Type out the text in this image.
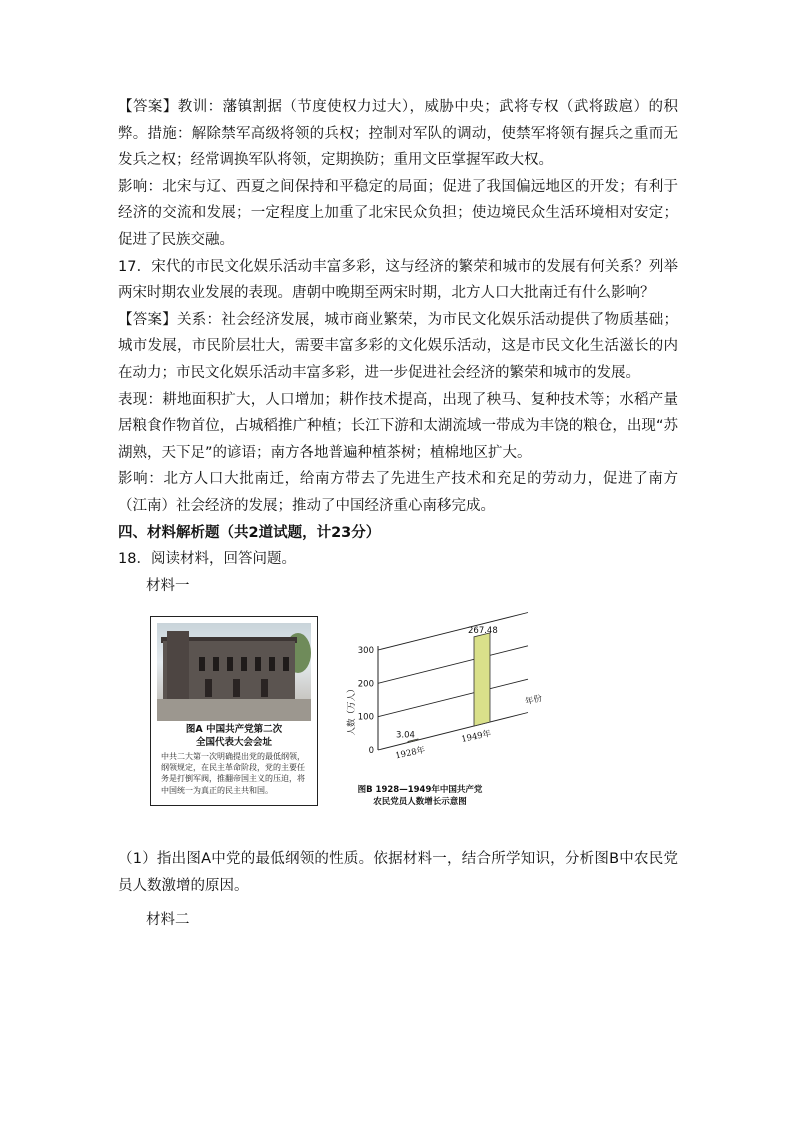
【答案】教训：藩镇割据（节度使权力过大），威胁中央；武将专权（武将跋扈）的积弊。措施：解除禁军高级将领的兵权；控制对军队的调动，使禁军将领有握兵之重而无发兵之权；经常调换军队将领，定期换防；重用文臣掌握军政大权。

影响：北宋与辽、西夏之间保持和平稳定的局面；促进了我国偏远地区的开发；有利于经济的交流和发展；一定程度上加重了北宋民众负担；使边境民众生活环境相对安定；促进了民族交融。

17．宋代的市民文化娱乐活动丰富多彩，这与经济的繁荣和城市的发展有何关系？列举两宋时期农业发展的表现。唐朝中晚期至两宋时期，北方人口大批南迁有什么影响？

【答案】关系：社会经济发展，城市商业繁荣，为市民文化娱乐活动提供了物质基础；城市发展，市民阶层壮大，需要丰富多彩的文化娱乐活动，这是市民文化生活滋长的内在动力；市民文化娱乐活动丰富多彩，进一步促进社会经济的繁荣和城市的发展。

表现：耕地面积扩大，人口增加；耕作技术提高，出现了秧马、复种技术等；水稻产量居粮食作物首位，占城稻推广种植；长江下游和太湖流域一带成为丰饶的粮仓，出现“苏湖熟，天下足”的谚语；南方各地普遍种植茶树；植棉地区扩大。

影响：北方人口大批南迁，给南方带去了先进生产技术和充足的劳动力，促进了南方（江南）社会经济的发展；推动了中国经济重心南移完成。

四、材料解析题（共2道试题，计23分）

18．阅读材料，回答问题。

材料一

图A 中国共产党第二次
全国代表大会会址
中共二大第一次明确提出党的最低纲领，纲领规定，在民主革命阶段，党的主要任务是打倒军阀，推翻帝国主义的压迫，将中国统一为真正的民主共和国。
0
100
200
300
人数（万人）	年份
3.04
1928年
267.48
1949年
图B 1928—1949年中国共产党
农民党员人数增长示意图

（1）指出图A中党的最低纲领的性质。依据材料一，结合所学知识，分析图B中农民党员人数激增的原因。

材料二
